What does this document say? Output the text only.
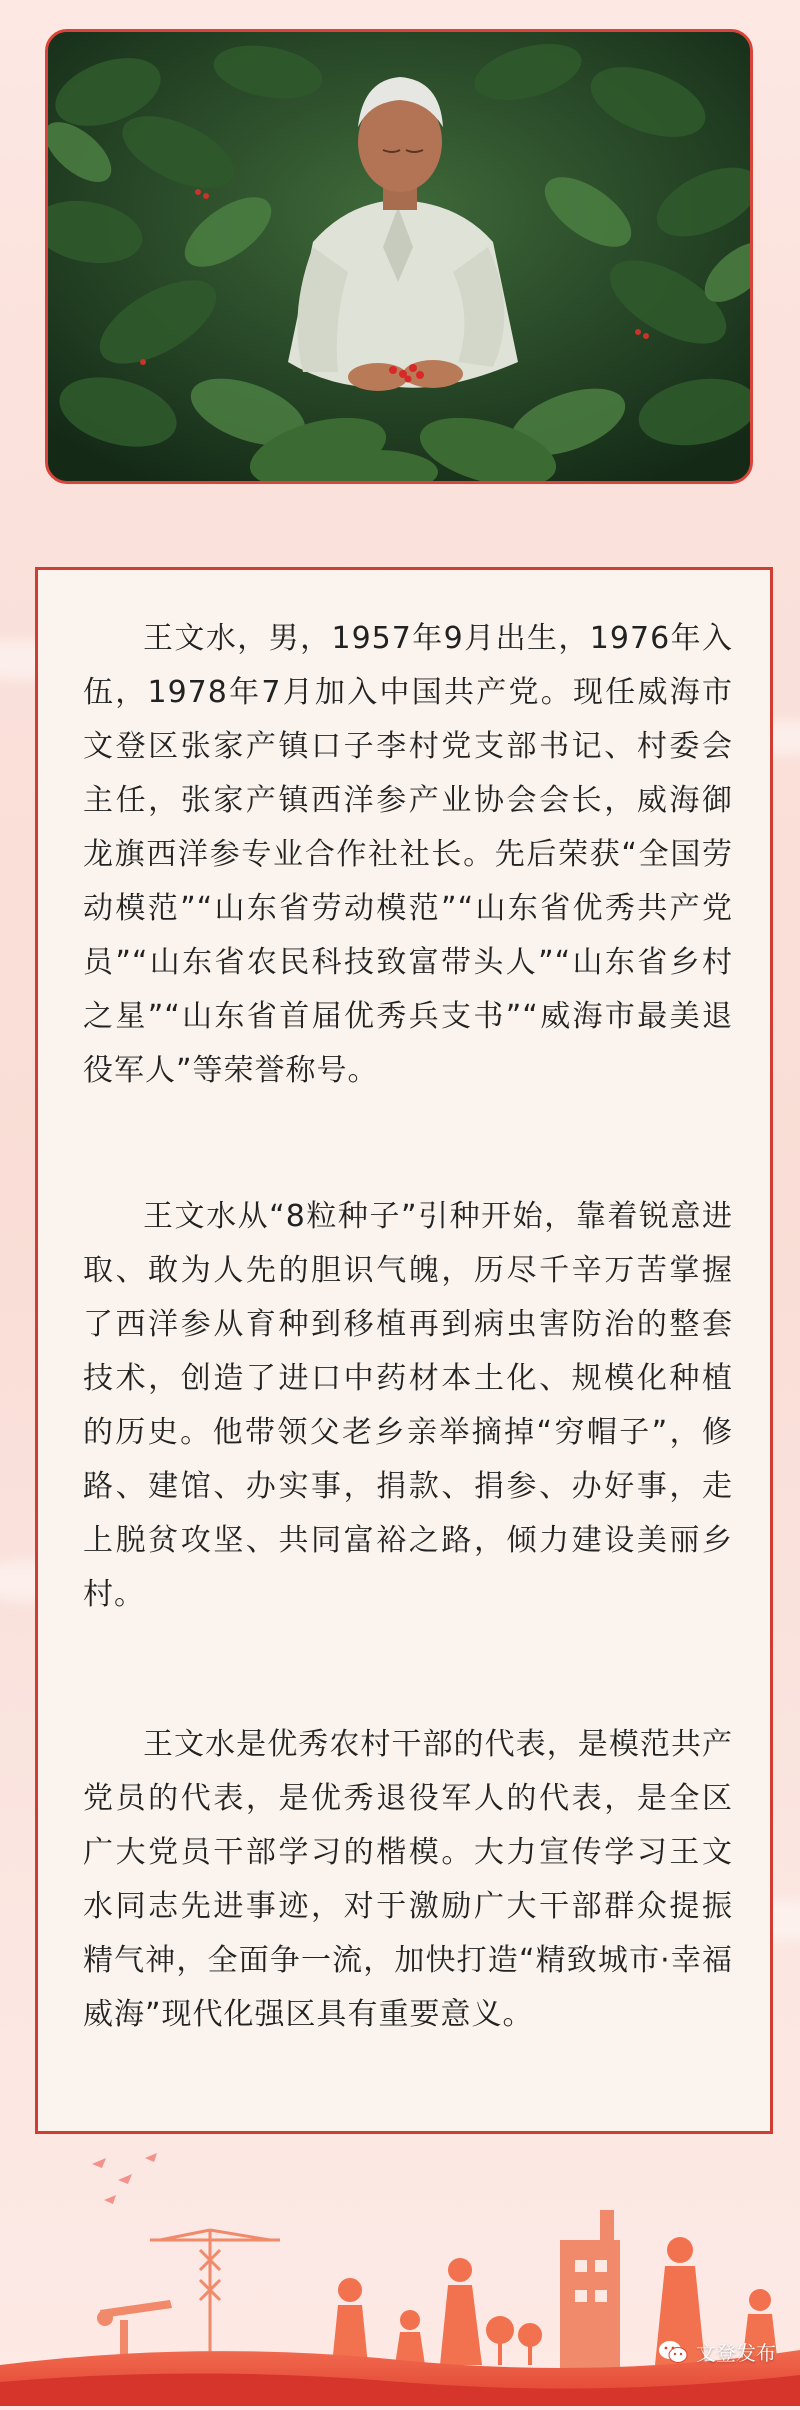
王文水，男，1957年9月出生，1976年入伍，1978年7月加入中国共产党。现任威海市文登区张家产镇口子李村党支部书记、村委会主任，张家产镇西洋参产业协会会长，威海御龙旗西洋参专业合作社社长。先后荣获“全国劳动模范”“山东省劳动模范”“山东省优秀共产党员”“山东省农民科技致富带头人”“山东省乡村之星”“山东省首届优秀兵支书”“威海市最美退役军人”等荣誉称号。

王文水从“8粒种子”引种开始，靠着锐意进取、敢为人先的胆识气魄，历尽千辛万苦掌握了西洋参从育种到移植再到病虫害防治的整套技术，创造了进口中药材本土化、规模化种植的历史。他带领父老乡亲举摘掉“穷帽子”，修路、建馆、办实事，捐款、捐参、办好事，走上脱贫攻坚、共同富裕之路，倾力建设美丽乡村。

王文水是优秀农村干部的代表，是模范共产党员的代表，是优秀退役军人的代表，是全区广大党员干部学习的楷模。大力宣传学习王文水同志先进事迹，对于激励广大干部群众提振精气神，全面争一流，加快打造“精致城市·幸福威海”现代化强区具有重要意义。

文登发布
